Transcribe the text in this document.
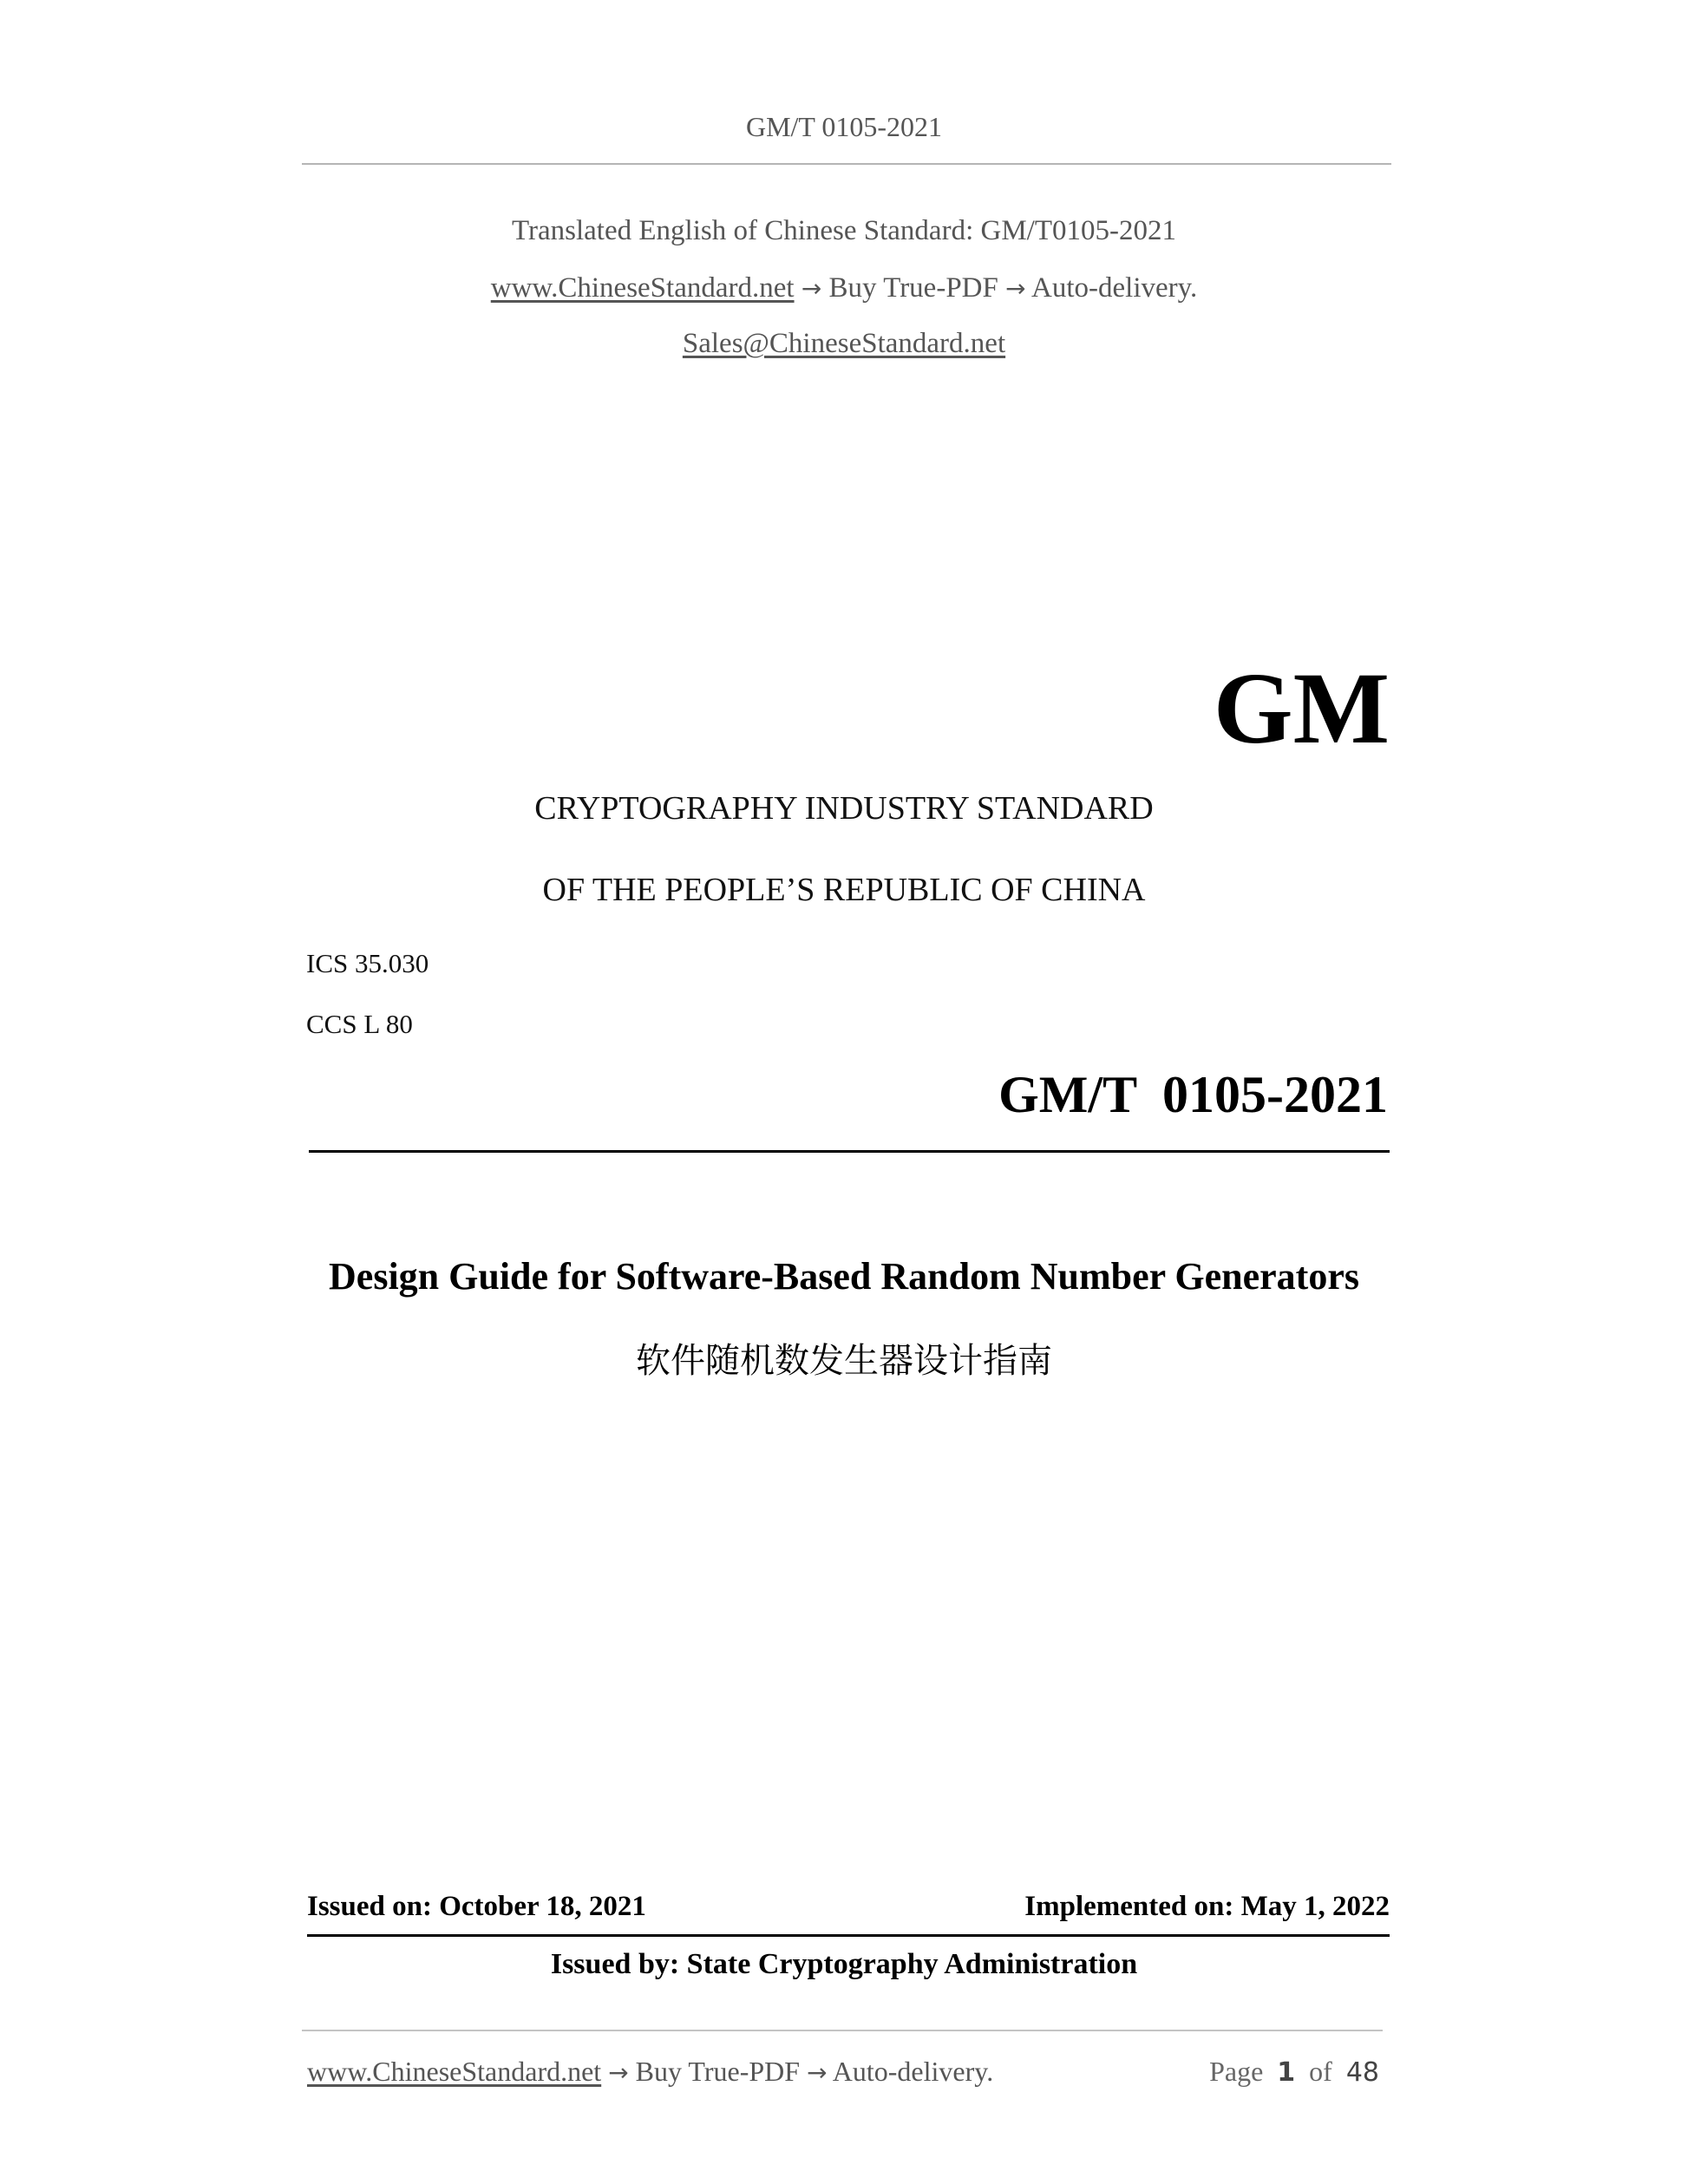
GM/T 0105-2021
Translated English of Chinese Standard: GM/T0105-2021
www.ChineseStandard.net → Buy True-PDF → Auto-delivery.
Sales@ChineseStandard.net
GM
CRYPTOGRAPHY INDUSTRY STANDARD
OF THE PEOPLE’S REPUBLIC OF CHINA
ICS 35.030
CCS L 80
GM/T  0105-2021
Design Guide for Software-Based Random Number Generators
软件随机数发生器设计指南
Issued on: October 18, 2021	Implemented on: May 1, 2022
Issued by: State Cryptography Administration
www.ChineseStandard.net → Buy True-PDF → Auto-delivery.	Page 1 of 48
